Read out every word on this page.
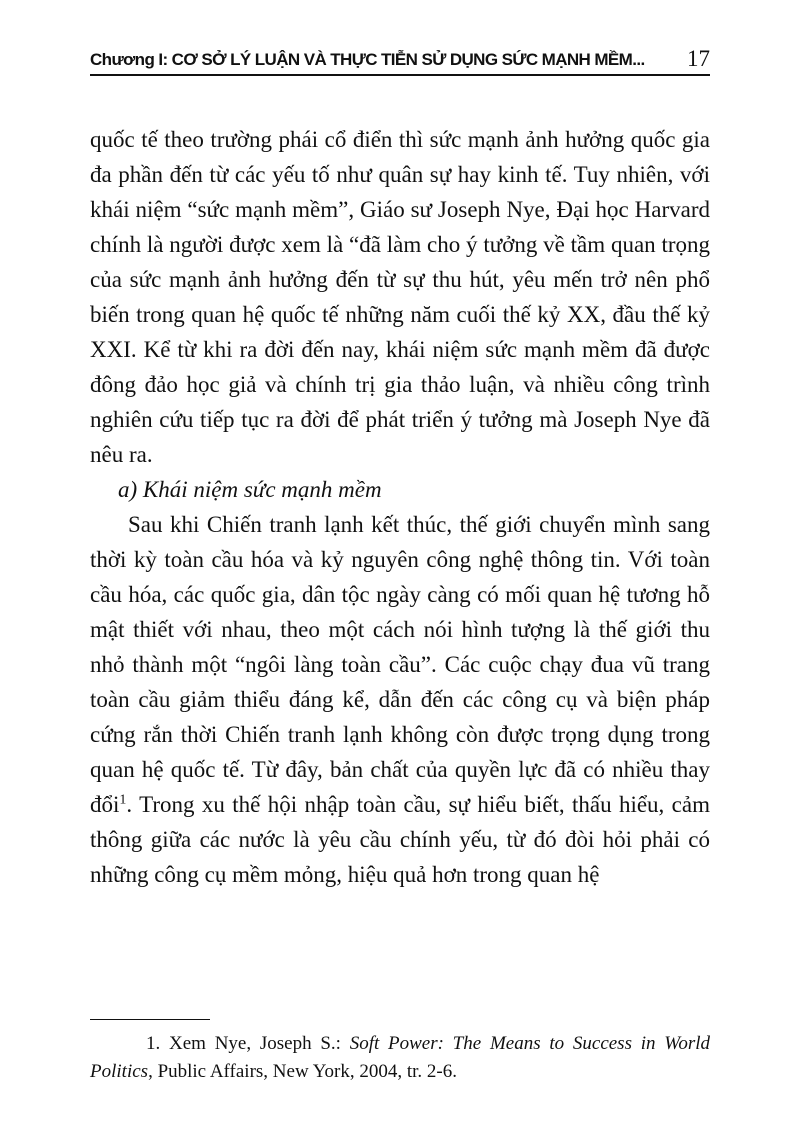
Chương I: CƠ SỞ LÝ LUẬN VÀ THỰC TIỄN SỬ DỤNG SỨC MẠNH MỀM... 17

quốc tế theo trường phái cổ điển thì sức mạnh ảnh hưởng quốc gia đa phần đến từ các yếu tố như quân sự hay kinh tế. Tuy nhiên, với khái niệm “sức mạnh mềm”, Giáo sư Joseph Nye, Đại học Harvard chính là người được xem là “đã làm cho ý tưởng về tầm quan trọng của sức mạnh ảnh hưởng đến từ sự thu hút, yêu mến trở nên phổ biến trong quan hệ quốc tế những năm cuối thế kỷ XX, đầu thế kỷ XXI. Kể từ khi ra đời đến nay, khái niệm sức mạnh mềm đã được đông đảo học giả và chính trị gia thảo luận, và nhiều công trình nghiên cứu tiếp tục ra đời để phát triển ý tưởng mà Joseph Nye đã nêu ra.

a) Khái niệm sức mạnh mềm

Sau khi Chiến tranh lạnh kết thúc, thế giới chuyển mình sang thời kỳ toàn cầu hóa và kỷ nguyên công nghệ thông tin. Với toàn cầu hóa, các quốc gia, dân tộc ngày càng có mối quan hệ tương hỗ mật thiết với nhau, theo một cách nói hình tượng là thế giới thu nhỏ thành một “ngôi làng toàn cầu”. Các cuộc chạy đua vũ trang toàn cầu giảm thiểu đáng kể, dẫn đến các công cụ và biện pháp cứng rắn thời Chiến tranh lạnh không còn được trọng dụng trong quan hệ quốc tế. Từ đây, bản chất của quyền lực đã có nhiều thay đổi$^1$. Trong xu thế hội nhập toàn cầu, sự hiểu biết, thấu hiểu, cảm thông giữa các nước là yêu cầu chính yếu, từ đó đòi hỏi phải có những công cụ mềm mỏng, hiệu quả hơn trong quan hệ

1. Xem Nye, Joseph S.: Soft Power: The Means to Success in World Politics, Public Affairs, New York, 2004, tr. 2-6.
